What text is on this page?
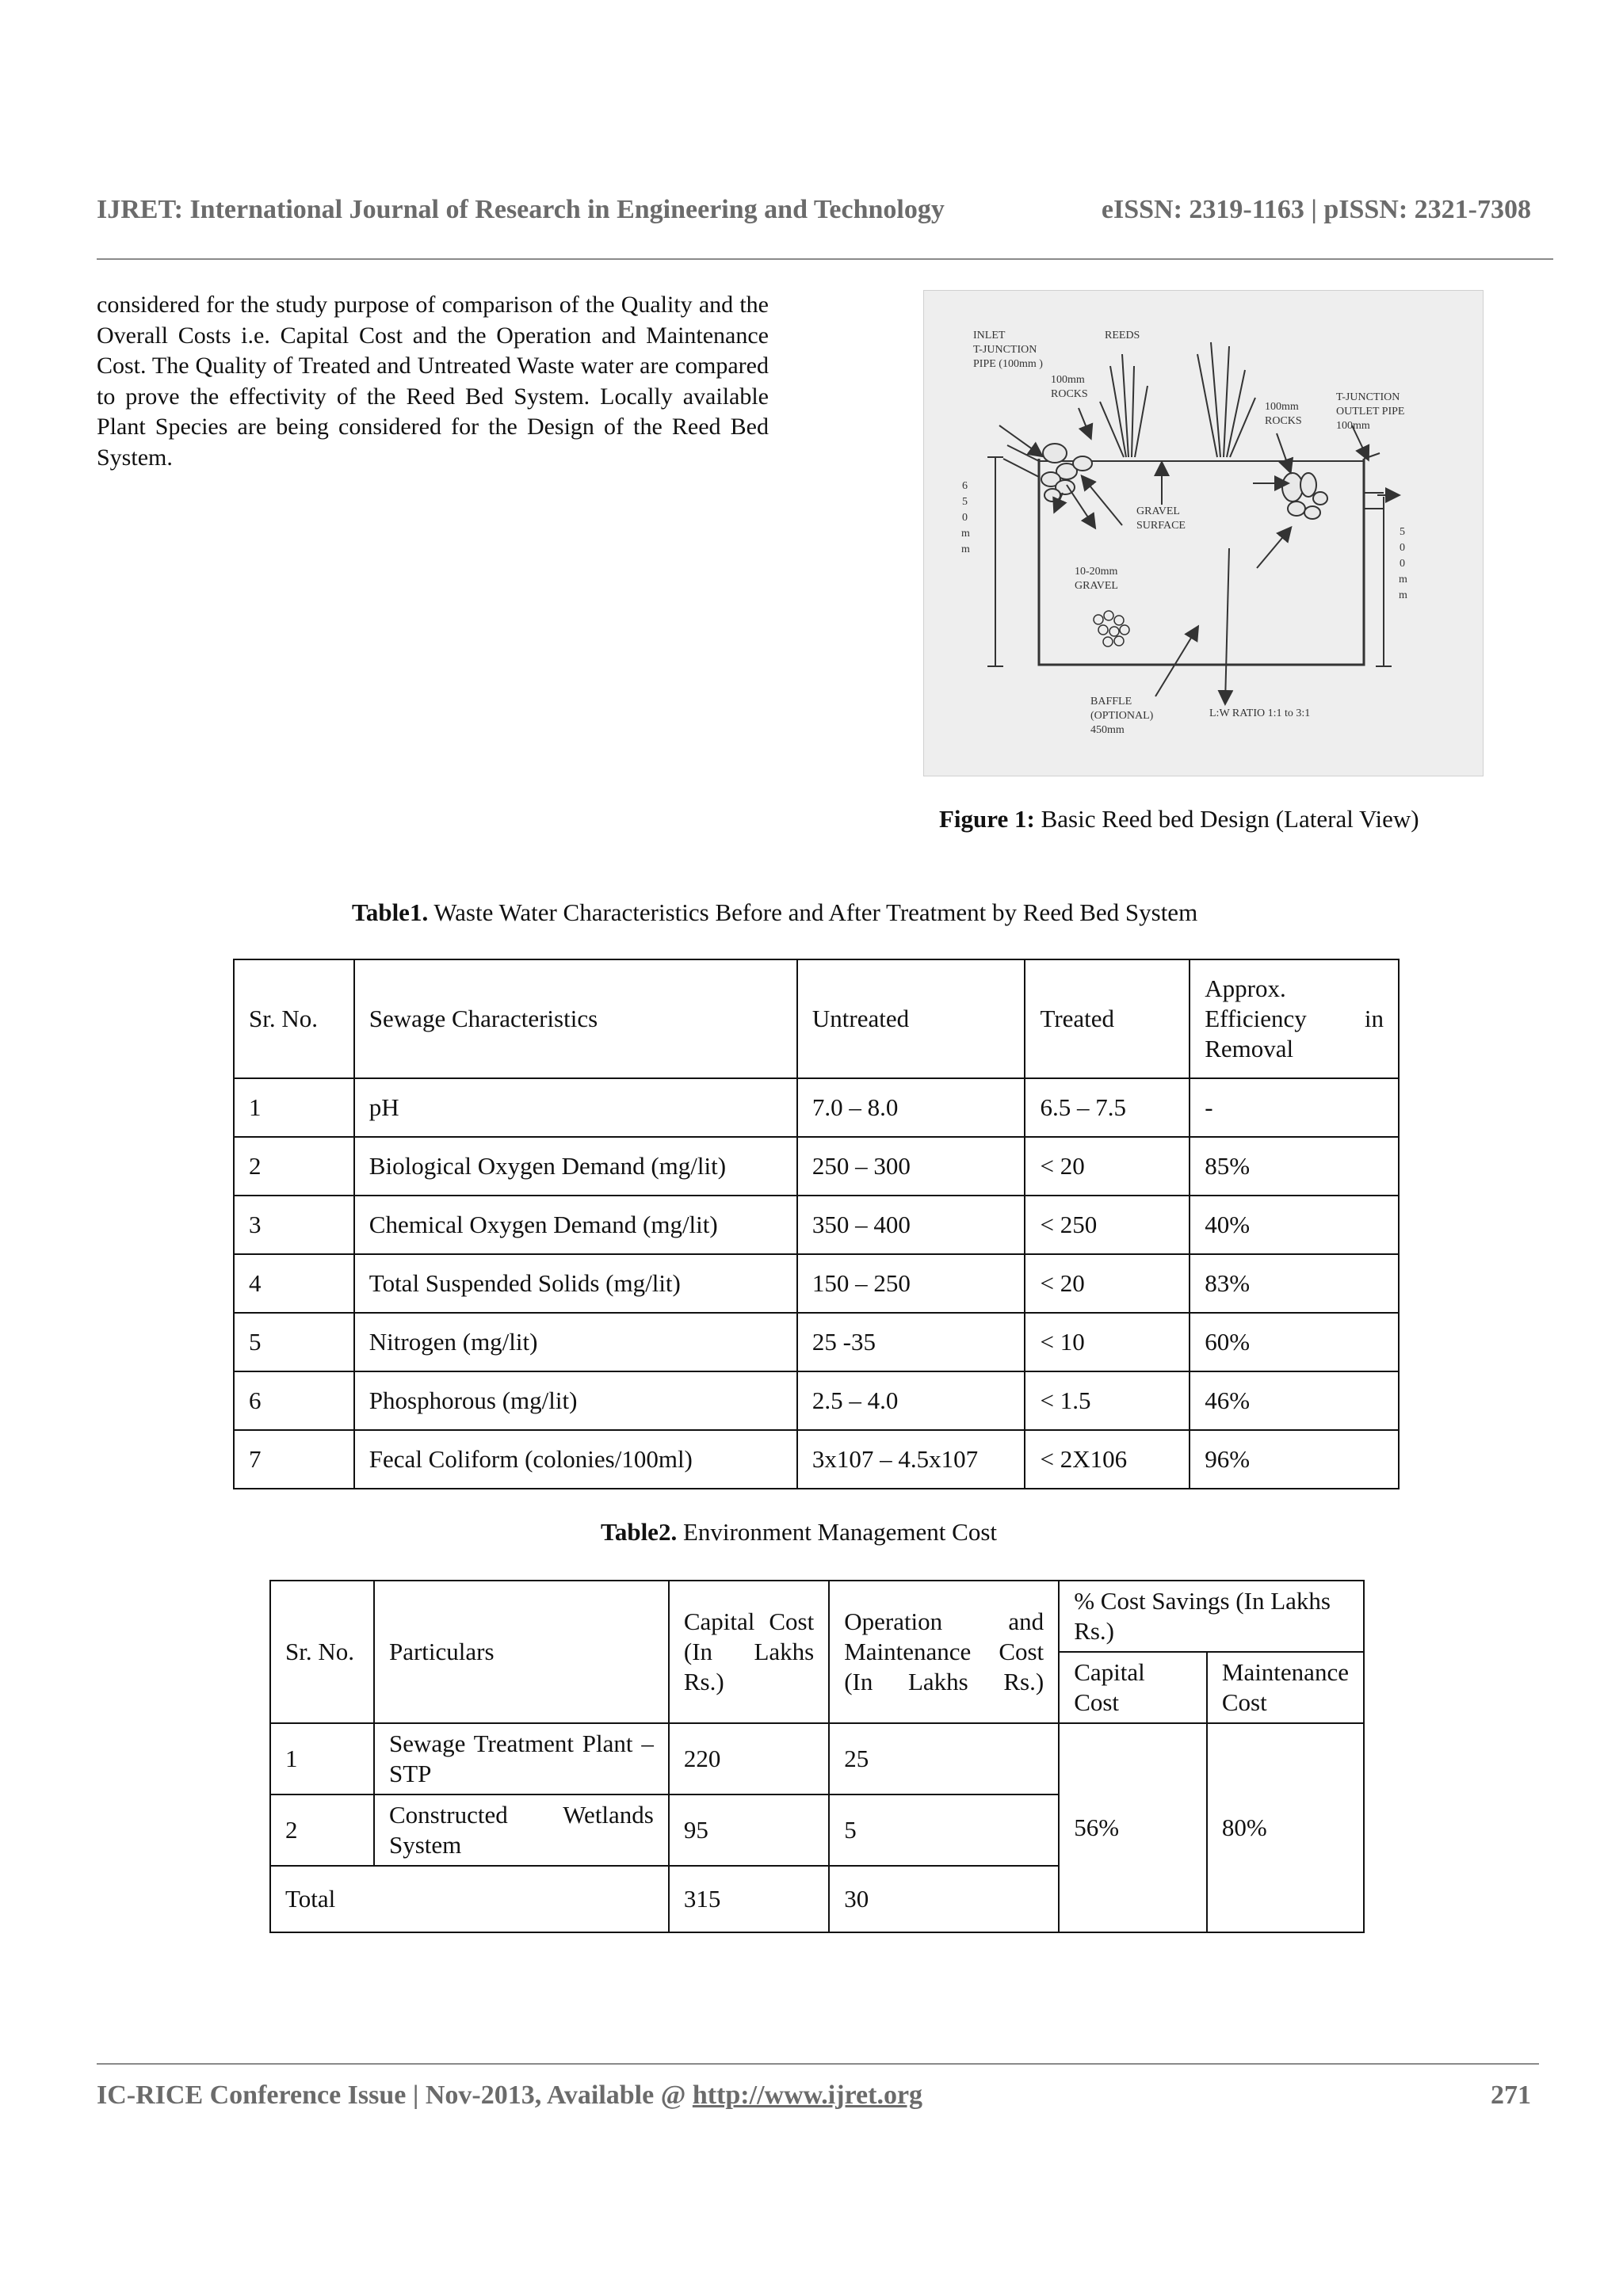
IJRET: International Journal of Research in Engineering and Technology	eISSN: 2319-1163 | pISSN: 2321-7308
considered for the study purpose of comparison of the Quality and the Overall Costs i.e. Capital Cost and the Operation and Maintenance Cost. The Quality of Treated and Untreated Waste water are compared to prove the effectivity of the Reed Bed System. Locally available Plant Species are being considered for the Design of the Reed Bed System.
INLET
T-JUNCTION
PIPE (100mm )
100mm
ROCKS
REEDS
100mm
ROCKS
T-JUNCTION
OUTLET PIPE
100mm
GRAVEL
SURFACE
10-20mm
GRAVEL
BAFFLE
(OPTIONAL)
450mm
L:W RATIO 1:1 to 3:1
6
5
0
m
m
5
0
0
m
m
Figure 1: Basic Reed bed Design (Lateral View)
Table1. Waste Water Characteristics Before and After Treatment by Reed Bed System
Sr. No.	Sewage Characteristics	Untreated	Treated	Approx. Efficiency in Removal
1	pH	7.0 – 8.0	6.5 – 7.5	-
2	Biological Oxygen Demand (mg/lit)	250 – 300	< 20	85%
3	Chemical Oxygen Demand (mg/lit)	350 – 400	< 250	40%
4	Total Suspended Solids (mg/lit)	150 – 250	< 20	83%
5	Nitrogen (mg/lit)	25 -35	< 10	60%
6	Phosphorous (mg/lit)	2.5 – 4.0	< 1.5	46%
7	Fecal Coliform (colonies/100ml)	3x107 – 4.5x107	< 2X106	96%
Table2. Environment Management Cost
Sr. No.	Particulars	Capital Cost (In Lakhs Rs.)	Operation and Maintenance Cost (In Lakhs Rs.)	% Cost Savings (In Lakhs Rs.)	
				Capital Cost	Maintenance Cost
1	Sewage Treatment Plant – STP	220	25	56%	80%
2	Constructed Wetlands System	95	5		
Total		315	30		
IC-RICE Conference Issue | Nov-2013, Available @ http://www.ijret.org	271
